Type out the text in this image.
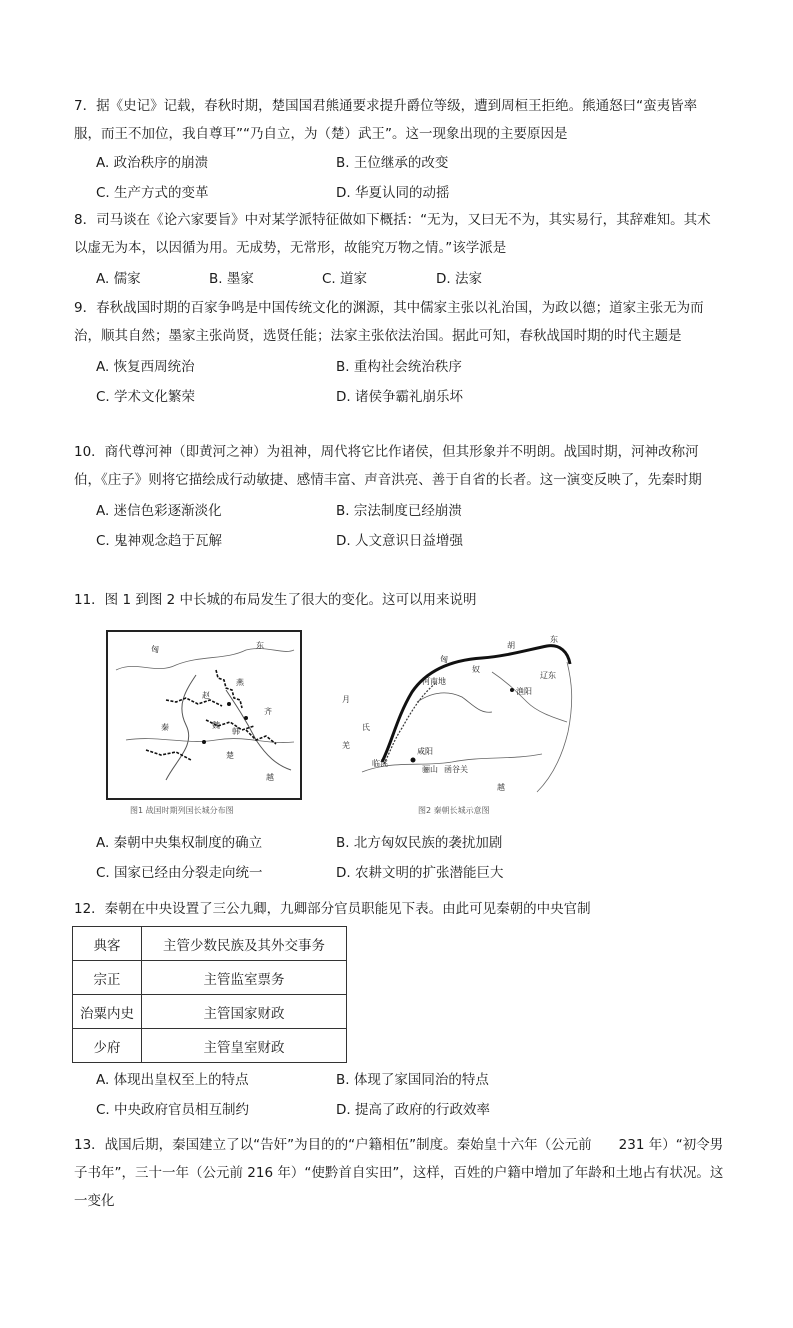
7．据《史记》记载，春秋时期，楚国国君熊通要求提升爵位等级，遭到周桓王拒绝。熊通怒曰“蛮夷皆率服，而王不加位，我自尊耳”“乃自立，为（楚）武王”。这一现象出现的主要原因是

A. 政治秩序的崩溃	B. 王位继承的改变
C. 生产方式的变革	D. 华夏认同的动摇

8．司马谈在《论六家要旨》中对某学派特征做如下概括：“无为，又曰无不为，其实易行，其辞难知。其术以虚无为本，以因循为用。无成势，无常形，故能究万物之情。”该学派是

A. 儒家	B. 墨家	C. 道家	D. 法家

9．春秋战国时期的百家争鸣是中国传统文化的渊源，其中儒家主张以礼治国，为政以德；道家主张无为而治，顺其自然；墨家主张尚贤，选贤任能；法家主张依法治国。据此可知，春秋战国时期的时代主题是

A. 恢复西周统治	B. 重构社会统治秩序
C. 学术文化繁荣	D. 诸侯争霸礼崩乐坏

10．商代尊河神（即黄河之神）为祖神，周代将它比作诸侯，但其形象并不明朗。战国时期，河神改称河伯，《庄子》则将它描绘成行动敏捷、感情丰富、声音洪亮、善于自省的长者。这一演变反映了，先秦时期

A. 迷信色彩逐渐淡化	B. 宗法制度已经崩溃
C. 鬼神观念趋于瓦解	D. 人文意识日益增强

11．图 1 到图 2 中长城的布局发生了很大的变化。这可以用来说明

匈	东
燕
赵
齐
魏
秦
楚
韩
越
图1 战国时期列国长城分布图
匈
奴
胡
东
月
氏
羌
河南地
辽东
渔阳
咸阳
临洮
骊山 函谷关
越
图2 秦朝长城示意图
A. 秦朝中央集权制度的确立	B. 北方匈奴民族的袭扰加剧
C. 国家已经由分裂走向统一	D. 农耕文明的扩张潜能巨大

12．秦朝在中央设置了三公九卿，九卿部分官员职能见下表。由此可见秦朝的中央官制

典客	主管少数民族及其外交事务
宗正	主管监室票务
治粟内史	主管国家财政
少府	主管皇室财政
A. 体现出皇权至上的特点	B. 体现了家国同治的特点
C. 中央政府官员相互制约	D. 提高了政府的行政效率

13．战国后期，秦国建立了以“告奸”为目的的“户籍相伍”制度。秦始皇十六年（公元前　　231 年）“初令男子书年”，三十一年（公元前 216 年）“使黔首自实田”，这样，百姓的户籍中增加了年龄和土地占有状况。这一变化
